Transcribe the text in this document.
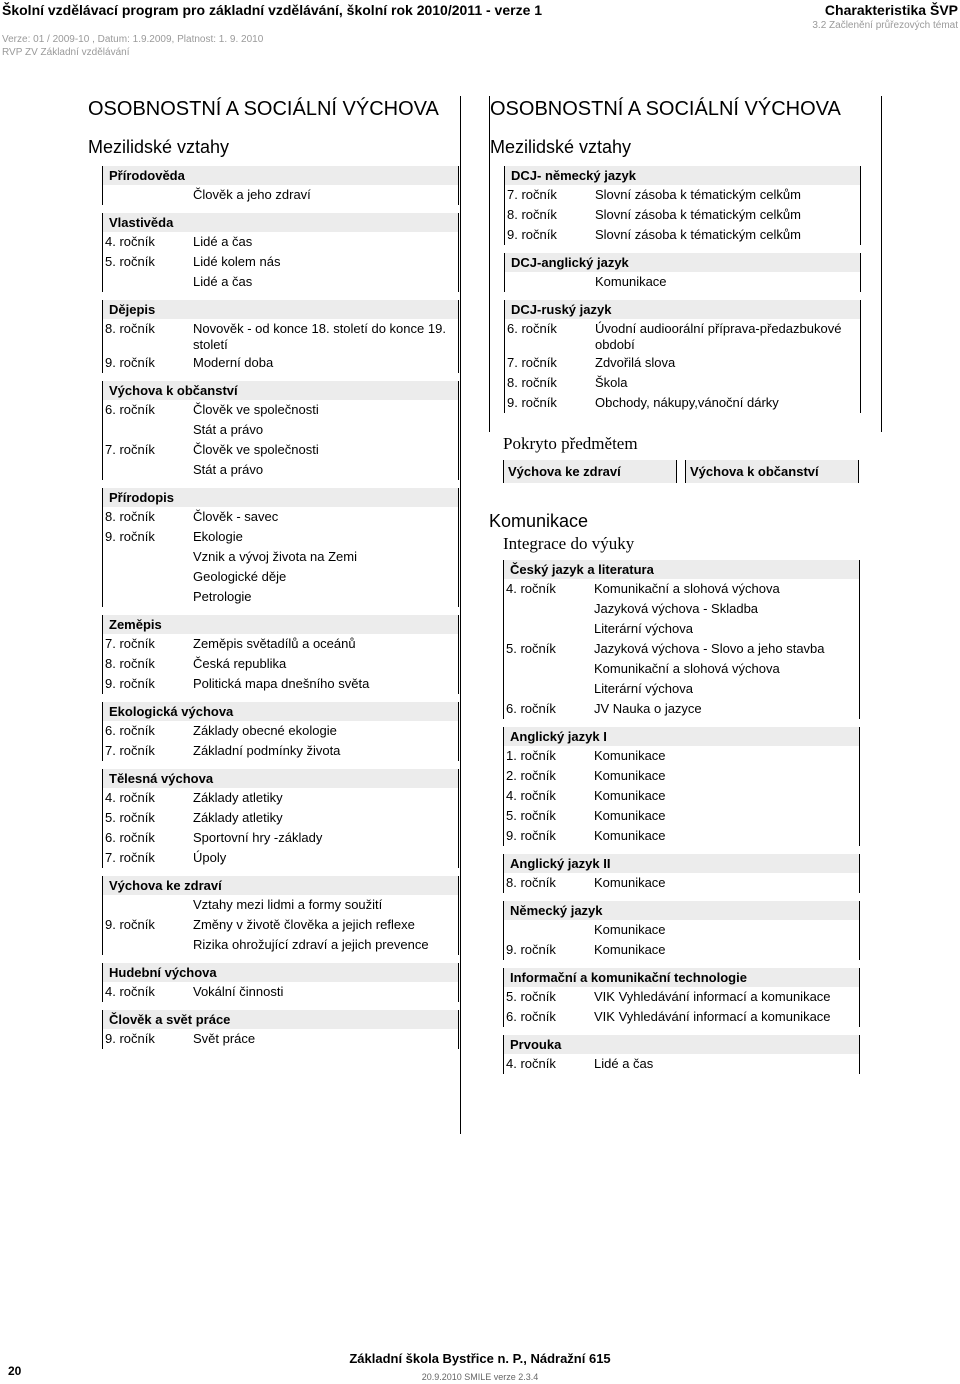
Školní vzdělávací program pro základní vzdělávání, školní rok 2010/2011 - verze 1
Verze: 01 / 2009-10 , Datum: 1.9.2009, Platnost: 1. 9. 2010
RVP ZV Základní vzdělávání
Charakteristika ŠVP
3.2 Začlenění průřezových témat
OSOBNOSTNÍ A SOCIÁLNÍ VÝCHOVA
Mezilidské vztahy
Přírodověda
Člověk a jeho zdraví
Vlastivěda
4. ročník	Lidé a čas
5. ročník	Lidé kolem nás
Lidé a čas
Dějepis
8. ročník	Novověk - od konce 18. století do konce 19. století
9. ročník	Moderní doba
Výchova k občanství
6. ročník	Člověk ve společnosti
Stát a právo
7. ročník	Člověk ve společnosti
Stát a právo
Přírodopis
8. ročník	Člověk - savec
9. ročník	Ekologie
Vznik a vývoj života na Zemi
Geologické děje
Petrologie
Zeměpis
7. ročník	Zeměpis světadílů a oceánů
8. ročník	Česká republika
9. ročník	Politická mapa dnešního světa
Ekologická výchova
6. ročník	Základy obecné ekologie
7. ročník	Základní podmínky života
Tělesná výchova
4. ročník	Základy atletiky
5. ročník	Základy atletiky
6. ročník	Sportovní hry -základy
7. ročník	Úpoly
Výchova ke zdraví
Vztahy mezi lidmi a formy soužití
9. ročník	Změny v životě člověka a jejich reflexe
Rizika ohrožující zdraví a jejich prevence
Hudební výchova
4. ročník	Vokální činnosti
Člověk a svět práce
9. ročník	Svět práce
OSOBNOSTNÍ A SOCIÁLNÍ VÝCHOVA
Mezilidské vztahy
DCJ- německý jazyk
7. ročník	Slovní zásoba k tématickým celkům
8. ročník	Slovní zásoba k tématickým celkům
9. ročník	Slovní zásoba k tématickým celkům
DCJ-anglický jazyk
Komunikace
DCJ-ruský jazyk
6. ročník	Úvodní audioorální příprava-předazbukové období
7. ročník	Zdvořilá slova
8. ročník	Škola
9. ročník	Obchody, nákupy,vánoční dárky
Pokryto předmětem
Výchova ke zdraví	Výchova k občanství
Komunikace
Integrace do výuky
Český jazyk a literatura
4. ročník	Komunikační a slohová výchova
Jazyková výchova - Skladba
Literární výchova
5. ročník	Jazyková výchova - Slovo a jeho stavba
Komunikační a slohová výchova
Literární výchova
6. ročník	JV Nauka o jazyce
Anglický jazyk I
1. ročník	Komunikace
2. ročník	Komunikace
4. ročník	Komunikace
5. ročník	Komunikace
9. ročník	Komunikace
Anglický jazyk II
8. ročník	Komunikace
Německý jazyk
Komunikace
9. ročník	Komunikace
Informační a komunikační technologie
5. ročník	VIK Vyhledávání informací a komunikace
6. ročník	VIK Vyhledávání informací a komunikace
Prvouka
4. ročník	Lidé a čas
20
Základní škola Bystřice n. P., Nádražní 615
20.9.2010 SMILE verze 2.3.4
